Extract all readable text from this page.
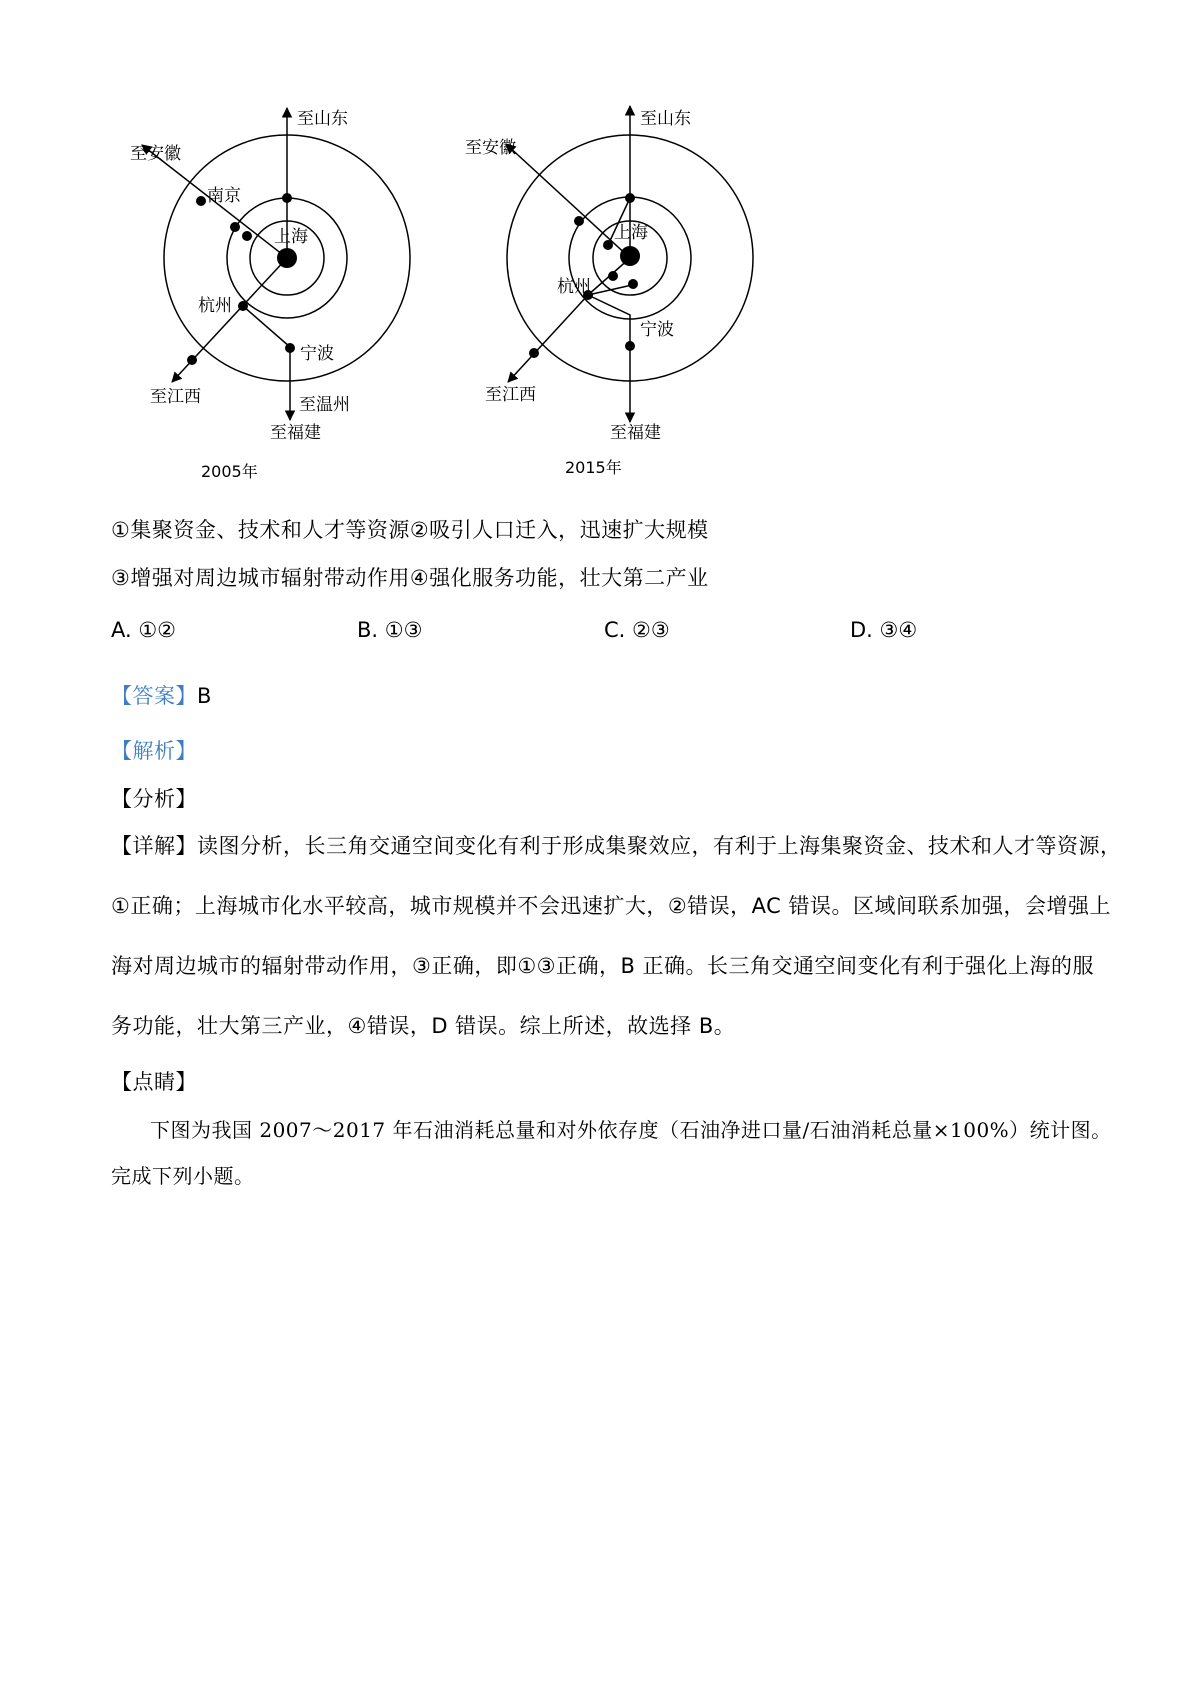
至山东
至安徽
南京
上海
杭州
宁波
至江西	至温州
至福建
2005年
至山东
至安徽
上海
杭州
宁波
至江西
至福建
2015年
①集聚资金、技术和人才等资源②吸引人口迁入，迅速扩大规模
③增强对周边城市辐射带动作用④强化服务功能，壮大第二产业
A. ①②	B. ①③	C. ②③	D. ③④
【答案】B
【解析】
【分析】
【详解】读图分析，长三角交通空间变化有利于形成集聚效应，有利于上海集聚资金、技术和人才等资源，
①正确；上海城市化水平较高，城市规模并不会迅速扩大，②错误，AC 错误。区域间联系加强，会增强上
海对周边城市的辐射带动作用，③正确，即①③正确，B 正确。长三角交通空间变化有利于强化上海的服
务功能，壮大第三产业，④错误，D 错误。综上所述，故选择 B。
【点睛】
下图为我国 2007～2017 年石油消耗总量和对外依存度（石油净进口量/石油消耗总量×100%）统计图。
完成下列小题。
